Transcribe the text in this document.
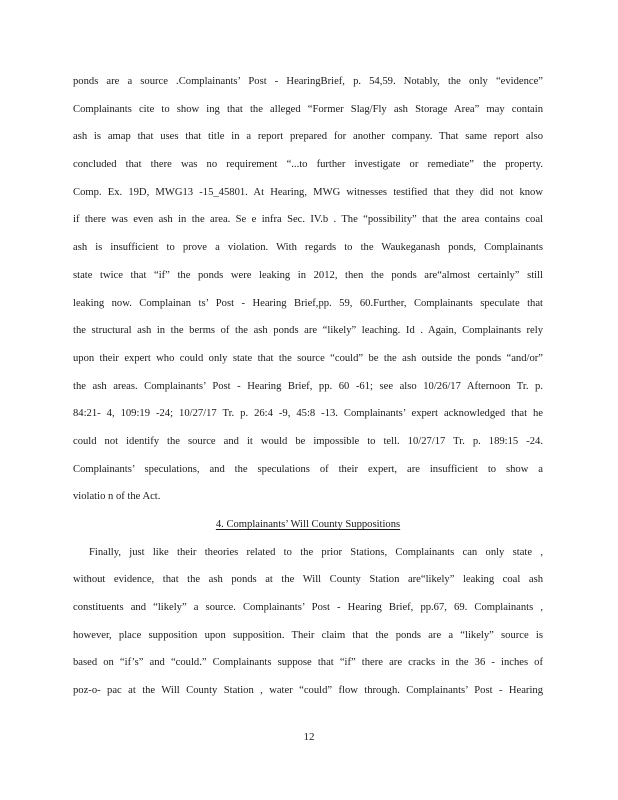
ponds are a source .Complainants’ Post - HearingBrief, p. 54,59. Notably, the only “evidence”
Complainants cite to show ing that the alleged “Former Slag/Fly ash Storage Area” may contain
ash is amap that uses that title in a report prepared for another company. That same report also
concluded that there was no requirement “...to further investigate or remediate” the property.
Comp. Ex. 19D, MWG13 -15_45801. At Hearing, MWG witnesses testified that they did not know
if there was even ash in the area. Se e infra Sec. IV.b . The “possibility” that the area contains coal
ash is insufficient to prove a violation. With regards to the Waukeganash ponds, Complainants
state twice that “if” the ponds were leaking in 2012, then the ponds are“almost certainly” still
leaking now. Complainan ts’ Post - Hearing Brief,pp. 59, 60.Further, Complainants speculate that
the structural ash in the berms of the ash ponds are “likely” leaching. Id . Again, Complainants rely
upon their expert who could only state that the source “could” be the ash outside the ponds “and/or”
the ash areas. Complainants’ Post - Hearing Brief, pp. 60 -61; see also 10/26/17 Afternoon Tr. p.
84:21- 4, 109:19 -24; 10/27/17 Tr. p. 26:4 -9, 45:8 -13. Complainants’ expert acknowledged that he
could not identify the source and it would be impossible to tell. 10/27/17 Tr. p. 189:15 -24.
Complainants’ speculations, and the speculations of their expert, are insufficient to show a
violatio n of the Act.
4. Complainants’ Will County Suppositions
Finally, just like their theories related to the prior Stations, Complainants can only state ,
without evidence, that the ash ponds at the Will County Station are“likely” leaking coal ash
constituents and “likely” a source. Complainants’ Post - Hearing Brief, pp.67, 69. Complainants ,
however, place supposition upon supposition. Their claim that the ponds are a “likely” source is
based on “if’s” and “could.” Complainants suppose that “if” there are cracks in the 36 - inches of
poz-o- pac at the Will County Station , water “could” flow through. Complainants’ Post - Hearing
12
